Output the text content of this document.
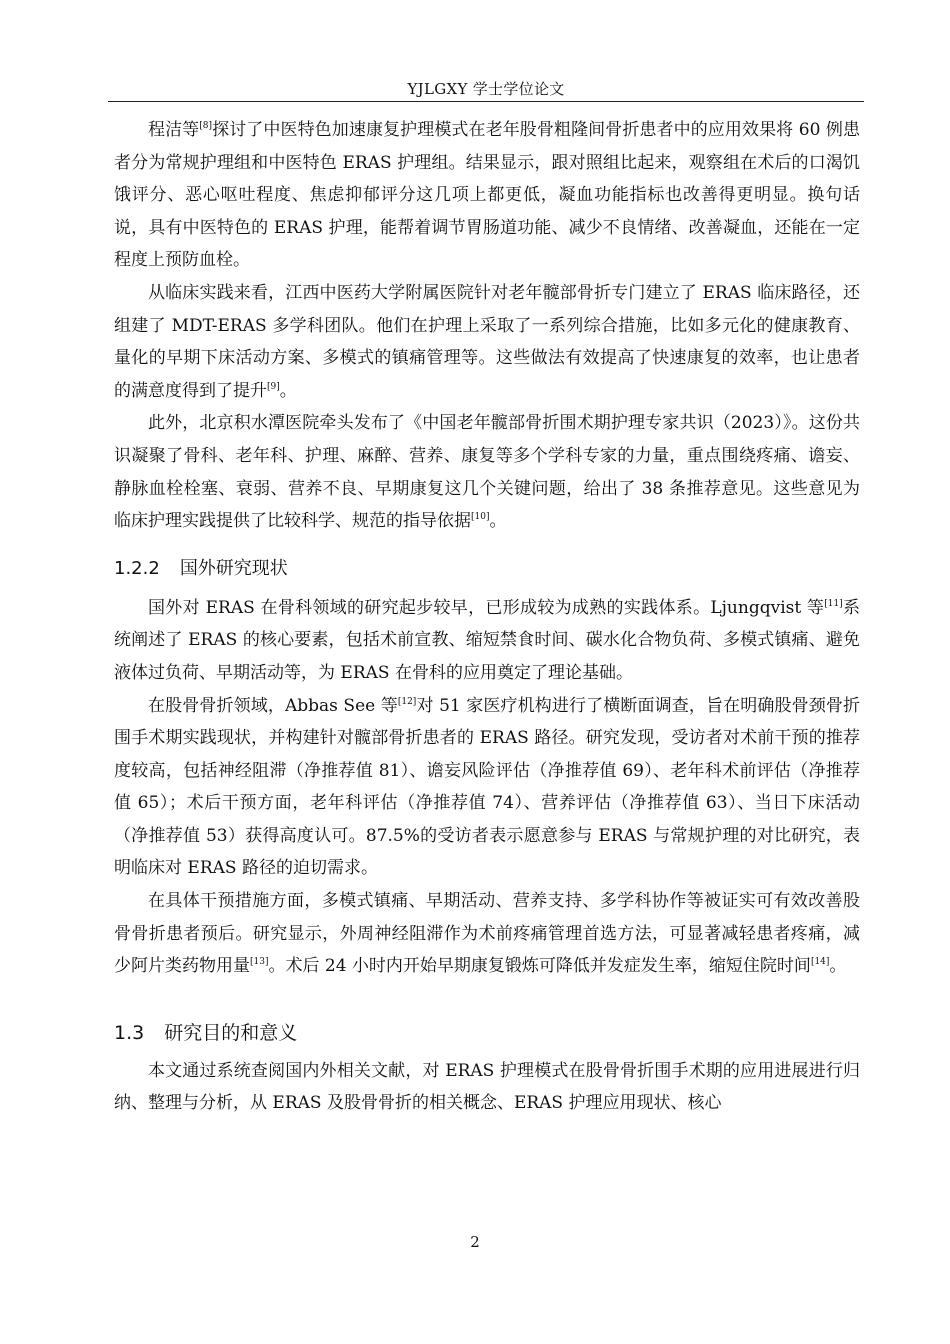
YJLGXY 学士学位论文

程洁等[8]探讨了中医特色加速康复护理模式在老年股骨粗隆间骨折患者中的应用效果将 60 例患者分为常规护理组和中医特色 ERAS 护理组。结果显示，跟对照组比起来，观察组在术后的口渴饥饿评分、恶心呕吐程度、焦虑抑郁评分这几项上都更低，凝血功能指标也改善得更明显。换句话说，具有中医特色的 ERAS 护理，能帮着调节胃肠道功能、减少不良情绪、改善凝血，还能在一定程度上预防血栓。

从临床实践来看，江西中医药大学附属医院针对老年髋部骨折专门建立了 ERAS 临床路径，还组建了 MDT-ERAS 多学科团队。他们在护理上采取了一系列综合措施，比如多元化的健康教育、量化的早期下床活动方案、多模式的镇痛管理等。这些做法有效提高了快速康复的效率，也让患者的满意度得到了提升[9]。

此外，北京积水潭医院牵头发布了《中国老年髋部骨折围术期护理专家共识（2023）》。这份共识凝聚了骨科、老年科、护理、麻醉、营养、康复等多个学科专家的力量，重点围绕疼痛、谵妄、静脉血栓栓塞、衰弱、营养不良、早期康复这几个关键问题，给出了 38 条推荐意见。这些意见为临床护理实践提供了比较科学、规范的指导依据[10]。

1.2.2 国外研究现状

国外对 ERAS 在骨科领域的研究起步较早，已形成较为成熟的实践体系。Ljungqvist 等[11]系统阐述了 ERAS 的核心要素，包括术前宣教、缩短禁食时间、碳水化合物负荷、多模式镇痛、避免液体过负荷、早期活动等，为 ERAS 在骨科的应用奠定了理论基础。

在股骨骨折领域，Abbas See 等[12]对 51 家医疗机构进行了横断面调查，旨在明确股骨颈骨折围手术期实践现状，并构建针对髋部骨折患者的 ERAS 路径。研究发现，受访者对术前干预的推荐度较高，包括神经阻滞（净推荐值 81）、谵妄风险评估（净推荐值 69）、老年科术前评估（净推荐值 65）；术后干预方面，老年科评估（净推荐值 74）、营养评估（净推荐值 63）、当日下床活动（净推荐值 53）获得高度认可。87.5%的受访者表示愿意参与 ERAS 与常规护理的对比研究，表明临床对 ERAS 路径的迫切需求。

在具体干预措施方面，多模式镇痛、早期活动、营养支持、多学科协作等被证实可有效改善股骨骨折患者预后。研究显示，外周神经阻滞作为术前疼痛管理首选方法，可显著减轻患者疼痛，减少阿片类药物用量[13]。术后 24 小时内开始早期康复锻炼可降低并发症发生率，缩短住院时间[14]。

1.3 研究目的和意义

本文通过系统查阅国内外相关文献，对 ERAS 护理模式在股骨骨折围手术期的应用进展进行归纳、整理与分析，从 ERAS 及股骨骨折的相关概念、ERAS 护理应用现状、核心

2
